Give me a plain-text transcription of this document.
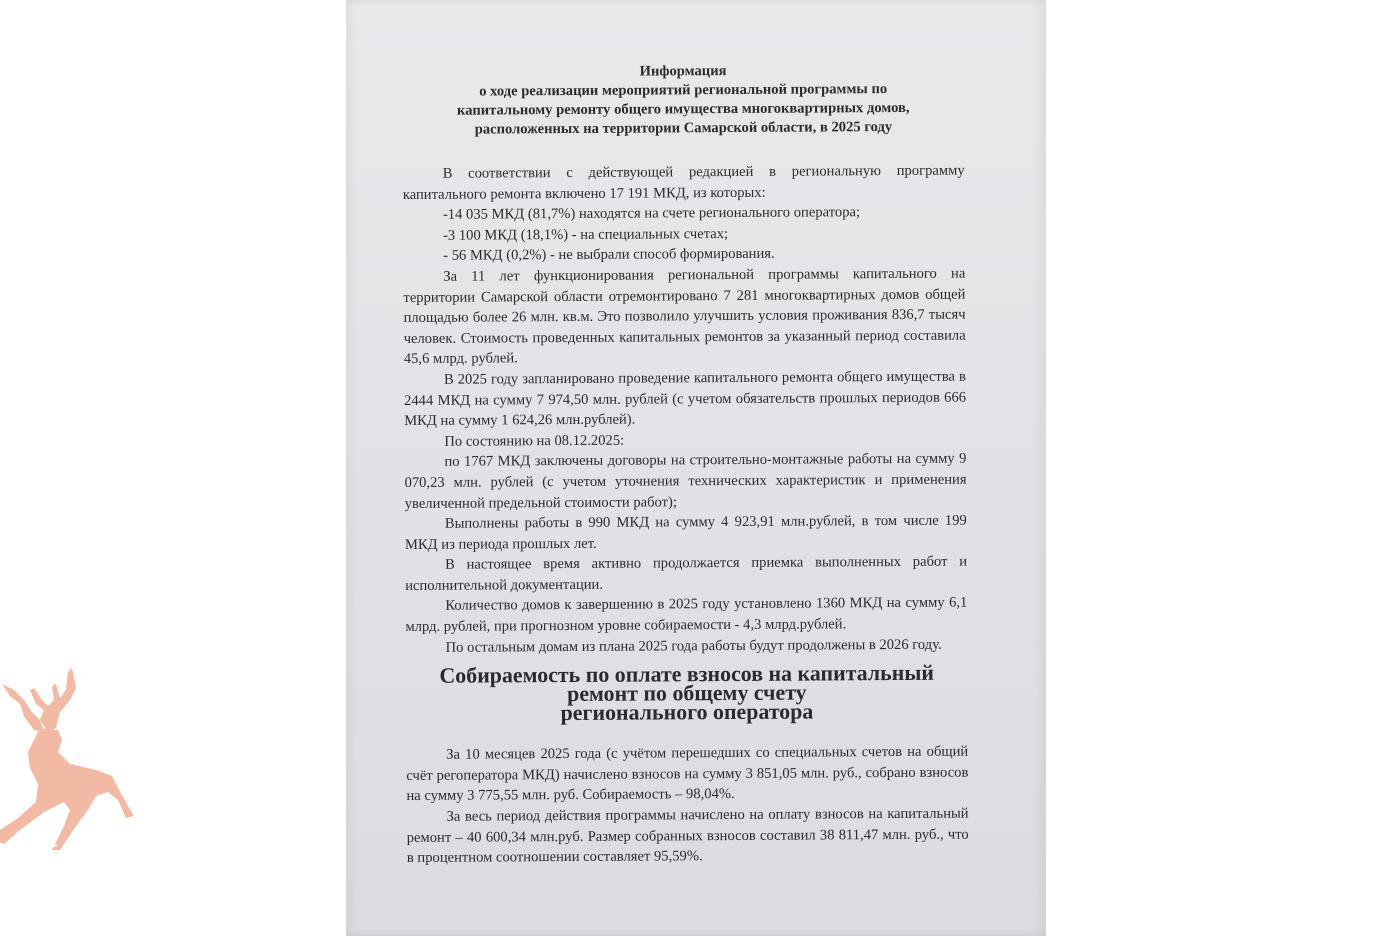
АЙТ А Е
Информация
о ходе реализации мероприятий региональной программы по
капитальному ремонту общего имущества многоквартирных домов,
расположенных на территории Самарской области, в 2025 году

В соответствии с действующей редакцией в региональную программу капитального ремонта включено 17 191 МКД, из которых:

-14 035 МКД (81,7%) находятся на счете регионального оператора;

-3 100 МКД (18,1%) - на специальных счетах;

- 56 МКД (0,2%) - не выбрали способ формирования.

За 11 лет функционирования региональной программы капитального на территории Самарской области отремонтировано 7 281 многоквартирных домов общей площадью более 26 млн. кв.м. Это позволило улучшить условия проживания 836,7 тысяч человек. Стоимость проведенных капитальных ремонтов за указанный период составила 45,6 млрд. рублей.

В 2025 году запланировано проведение капитального ремонта общего имущества в 2444 МКД на сумму 7 974,50 млн. рублей (с учетом обязательств прошлых периодов 666 МКД на сумму 1 624,26 млн.рублей).

По состоянию на 08.12.2025:

по 1767 МКД заключены договоры на строительно-монтажные работы на сумму 9 070,23 млн. рублей (с учетом уточнения технических характеристик и применения увеличенной предельной стоимости работ);

Выполнены работы в 990 МКД на сумму 4 923,91 млн.рублей, в том числе 199 МКД из периода прошлых лет.

В настоящее время активно продолжается приемка выполненных работ и исполнительной документации.

Количество домов к завершению в 2025 году установлено 1360 МКД на сумму 6,1 млрд. рублей, при прогнозном уровне собираемости - 4,3 млрд.рублей.

По остальным домам из плана 2025 года работы будут продолжены в 2026 году.

Собираемость по оплате взносов на капитальный ремонт по общему счету
регионального оператора

За 10 месяцев 2025 года (с учётом перешедших со специальных счетов на общий счёт регоператора МКД) начислено взносов на сумму 3 851,05 млн. руб., собрано взносов на сумму 3 775,55 млн. руб. Собираемость – 98,04%.

За весь период действия программы начислено на оплату взносов на капитальный ремонт – 40 600,34 млн.руб. Размер собранных взносов составил 38 811,47 млн. руб., что в процентном соотношении составляет 95,59%.
